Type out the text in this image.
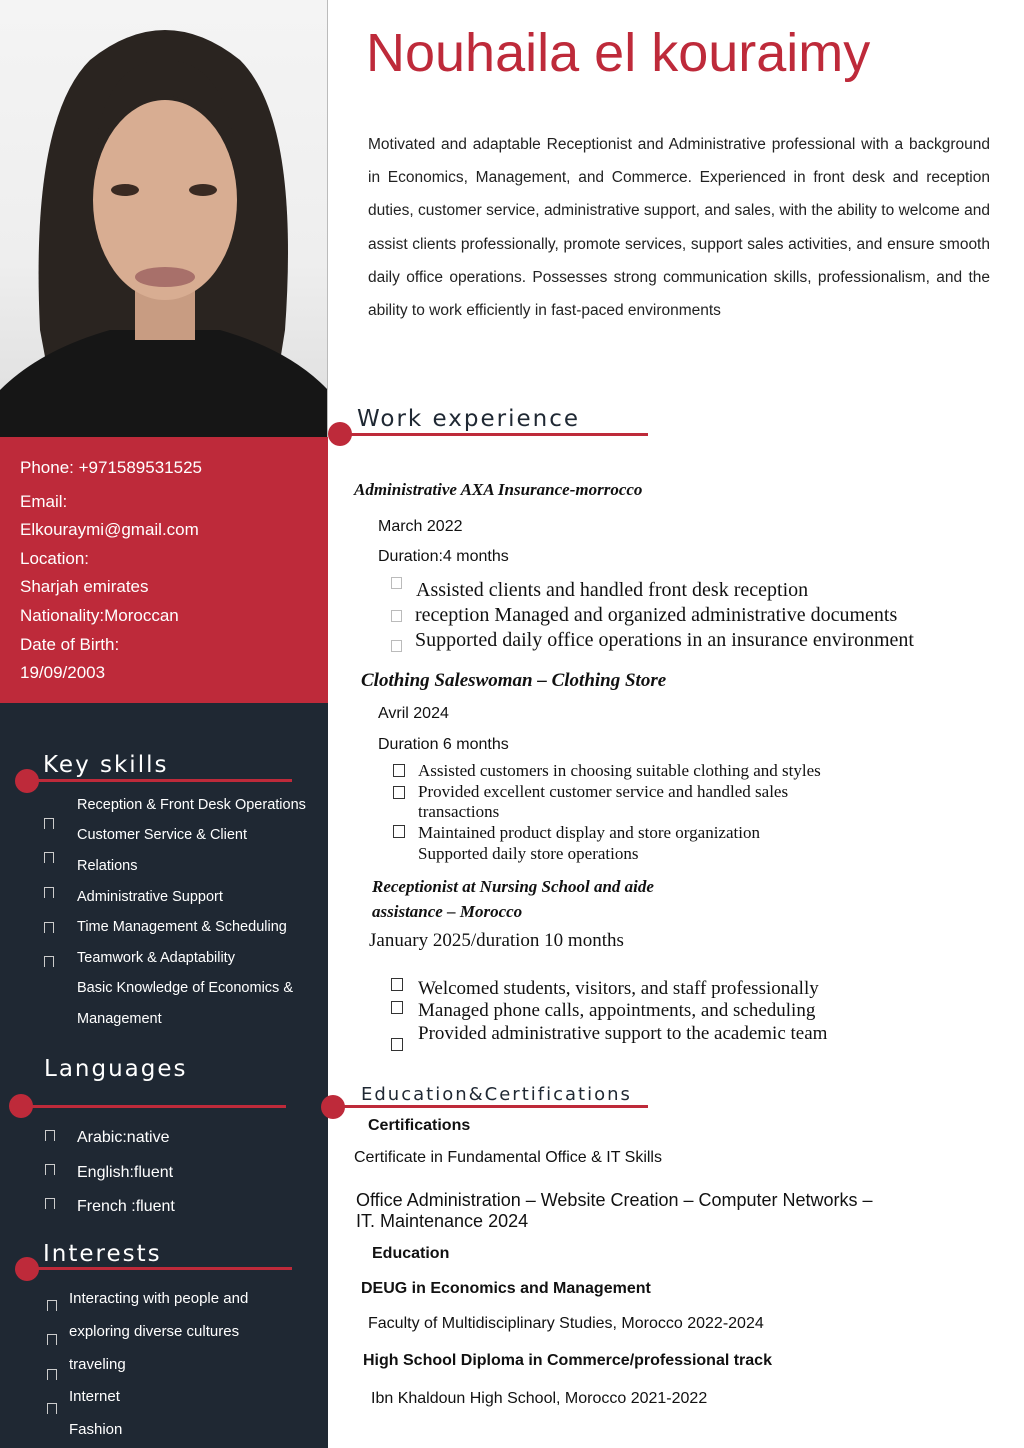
Phone: +971589531525
Email:
Elkouraymi@gmail.com
Location:
Sharjah emirates
Nationality:Moroccan
Date of Birth:
19/09/2003
Key skills
Reception & Front Desk Operations
Customer Service & Client
Relations
Administrative Support
Time Management & Scheduling
Teamwork & Adaptability
Basic Knowledge of Economics &
Management
Languages
Arabic:native
English:fluent
French :fluent
Interests
Interacting with people and
exploring diverse cultures
traveling
Internet
Fashion
Nouhaila el kouraimy
Motivated and adaptable Receptionist and Administrative professional with a background in Economics, Management, and Commerce. Experienced in front desk and reception duties, customer service, administrative support, and sales, with the ability to welcome and assist clients professionally, promote services, support sales activities, and ensure smooth daily office operations. Possesses strong communication skills, professionalism, and the ability to work efficiently in fast-paced environments
Work experience
Administrative AXA Insurance-morrocco
March 2022
Duration:4 months
Assisted clients and handled front desk reception
reception Managed and organized administrative documents
Supported daily office operations in an insurance environment
Clothing Saleswoman – Clothing Store
Avril 2024
Duration 6 months
Assisted customers in choosing suitable clothing and styles
Provided excellent customer service and handled sales
transactions
Maintained product display and store organization
Supported daily store operations
Receptionist at Nursing School and aide
assistance – Morocco
January 2025/duration 10 months
Welcomed students, visitors, and staff professionally
Managed phone calls, appointments, and scheduling
Provided administrative support to the academic team
Education&Certifications
Certifications
Certificate in Fundamental Office & IT Skills
Office Administration – Website Creation – Computer Networks –
IT. Maintenance 2024
Education
DEUG in Economics and Management
Faculty of Multidisciplinary Studies, Morocco 2022-2024
High School Diploma in Commerce/professional track
Ibn Khaldoun High School, Morocco 2021-2022
